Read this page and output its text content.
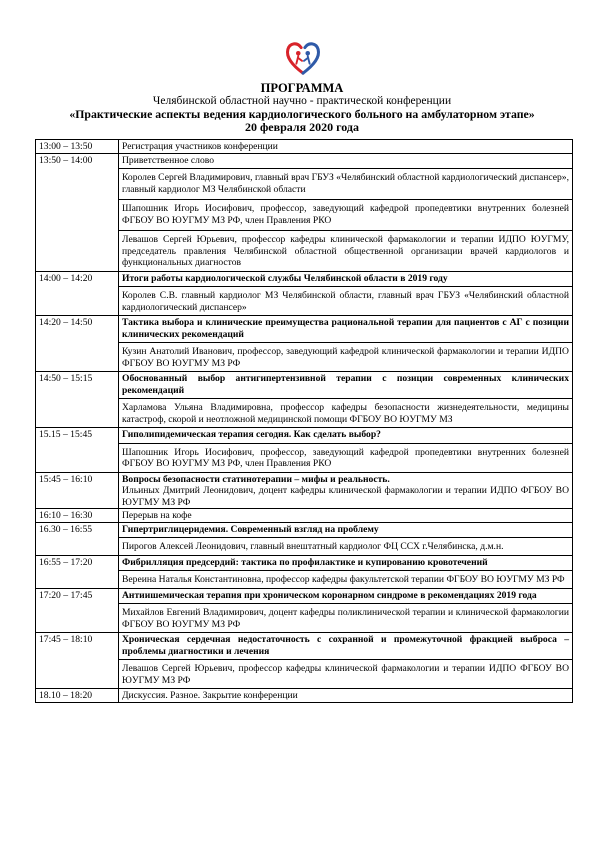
ПРОГРАММА
Челябинской областной научно - практической конференции
«Практические аспекты ведения кардиологического больного на амбулаторном этапе»
20 февраля 2020 года
13:00 – 13:50	Регистрация участников конференции

13:50 – 14:00	Приветственное слово
Королев Сергей Владимирович, главный врач ГБУЗ «Челябинский областной кардиологический диспансер», главный кардиолог МЗ Челябинской области
Шапошник Игорь Иосифович, профессор, заведующий кафедрой пропедевтики внутренних болезней ФГБОУ ВО ЮУГМУ МЗ РФ, член Правления РКО
Левашов Сергей Юрьевич, профессор кафедры клинической фармакологии и терапии ИДПО ЮУГМУ, председатель правления Челябинской областной общественной организации врачей кардиологов и функциональных диагностов

14:00 – 14:20	Итоги работы кардиологической службы Челябинской области в 2019 году
Королев С.В. главный кардиолог МЗ Челябинской области, главный врач ГБУЗ «Челябинский областной кардиологический диспансер»

14:20 – 14:50	Тактика выбора и клинические преимущества рациональной терапии для пациентов с АГ с позиции клинических рекомендаций
Кузин Анатолий Иванович, профессор, заведующий кафедрой клинической фармакологии и терапии ИДПО ФГБОУ ВО ЮУГМУ МЗ РФ

14:50 – 15:15	Обоснованный выбор антигипертензивной терапии с позиции современных клинических рекомендаций
Харламова Ульяна Владимировна, профессор кафедры безопасности жизнедеятельности, медицины катастроф, скорой и неотложной медицинской помощи ФГБОУ ВО ЮУГМУ МЗ

15.15 – 15:45	Гиполипидемическая терапия сегодня. Как сделать выбор?
Шапошник Игорь Иосифович, профессор, заведующий кафедрой пропедевтики внутренних болезней ФГБОУ ВО ЮУГМУ МЗ РФ, член Правления РКО

15:45 – 16:10	Вопросы безопасности статинотерапии – мифы и реальность.
Ильиных Дмитрий Леонидович, доцент кафедры клинической фармакологии и терапии ИДПО ФГБОУ ВО ЮУГМУ МЗ РФ

16:10 – 16:30	Перерыв на кофе

16.30 – 16:55	Гипертриглицеридемия. Современный взгляд на проблему
Пирогов Алексей Леонидович, главный внештатный кардиолог ФЦ ССХ г.Челябинска, д.м.н.

16:55 – 17:20	Фибрилляция предсердий: тактика по профилактике и купированию кровотечений
Вереина Наталья Константиновна, профессор кафедры факультетской терапии ФГБОУ ВО ЮУГМУ МЗ РФ

17:20 – 17:45	Антиишемическая терапия при хроническом коронарном синдроме в рекомендациях 2019 года
Михайлов Евгений Владимирович, доцент кафедры поликлинической терапии и клинической фармакологии ФГБОУ ВО ЮУГМУ МЗ РФ

17:45 – 18:10	Хроническая сердечная недостаточность с сохранной и промежуточной фракцией выброса – проблемы диагностики и лечения
Левашов Сергей Юрьевич, профессор кафедры клинической фармакологии и терапии ИДПО ФГБОУ ВО ЮУГМУ МЗ РФ

18.10 – 18:20	Дискуссия. Разное. Закрытие конференции
